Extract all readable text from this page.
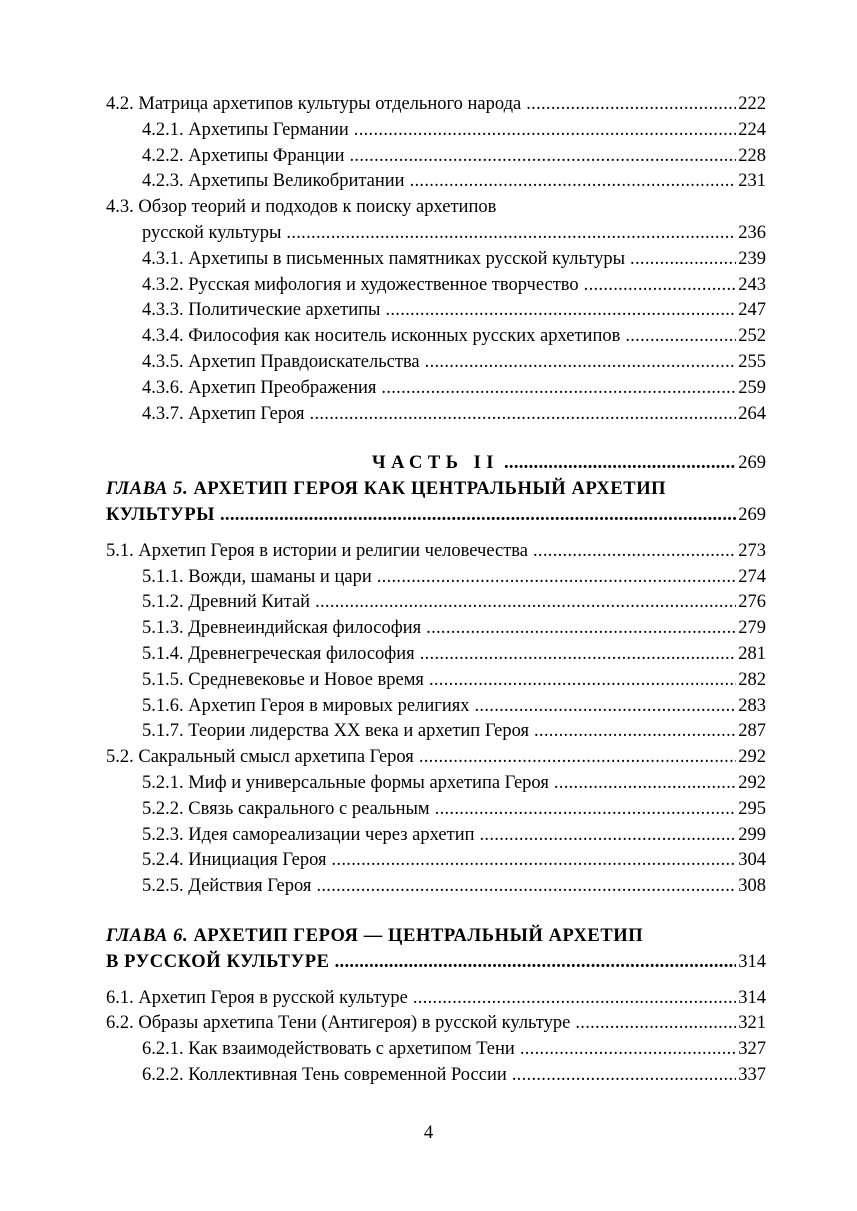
4.2. Матрица архетипов культуры отдельного народа .....	222
4.2.1. Архетипы Германии .....	224
4.2.2. Архетипы Франции .....	228
4.2.3. Архетипы Великобритании .....	231
4.3. Обзор теорий и подходов к поиску архетипов
русской культуры .....	236
4.3.1. Архетипы в письменных памятниках русской культуры .....	239
4.3.2. Русская мифология и художественное творчество .....	243
4.3.3. Политические архетипы .....	247
4.3.4. Философия как носитель исконных русских архетипов .....	252
4.3.5. Архетип Правдоискательства .....	255
4.3.6. Архетип Преображения .....	259
4.3.7. Архетип Героя .....	264
ЧАСТЬ II .....	269
ГЛАВА 5. АРХЕТИП ГЕРОЯ КАК ЦЕНТРАЛЬНЫЙ АРХЕТИП
КУЛЬТУРЫ .....	269
5.1. Архетип Героя в истории и религии человечества .....	273
5.1.1. Вожди, шаманы и цари .....	274
5.1.2. Древний Китай .....	276
5.1.3. Древнеиндийская философия .....	279
5.1.4. Древнегреческая философия .....	281
5.1.5. Средневековье и Новое время .....	282
5.1.6. Архетип Героя в мировых религиях .....	283
5.1.7. Теории лидерства XX века и архетип Героя .....	287
5.2. Сакральный смысл архетипа Героя .....	292
5.2.1. Миф и универсальные формы архетипа Героя .....	292
5.2.2. Связь сакрального с реальным .....	295
5.2.3. Идея самореализации через архетип .....	299
5.2.4. Инициация Героя .....	304
5.2.5. Действия Героя .....	308
ГЛАВА 6. АРХЕТИП ГЕРОЯ — ЦЕНТРАЛЬНЫЙ АРХЕТИП
В РУССКОЙ КУЛЬТУРЕ .....	314
6.1. Архетип Героя в русской культуре .....	314
6.2. Образы архетипа Тени (Антигероя) в русской культуре .....	321
6.2.1. Как взаимодействовать с архетипом Тени .....	327
6.2.2. Коллективная Тень современной России .....	337
4
